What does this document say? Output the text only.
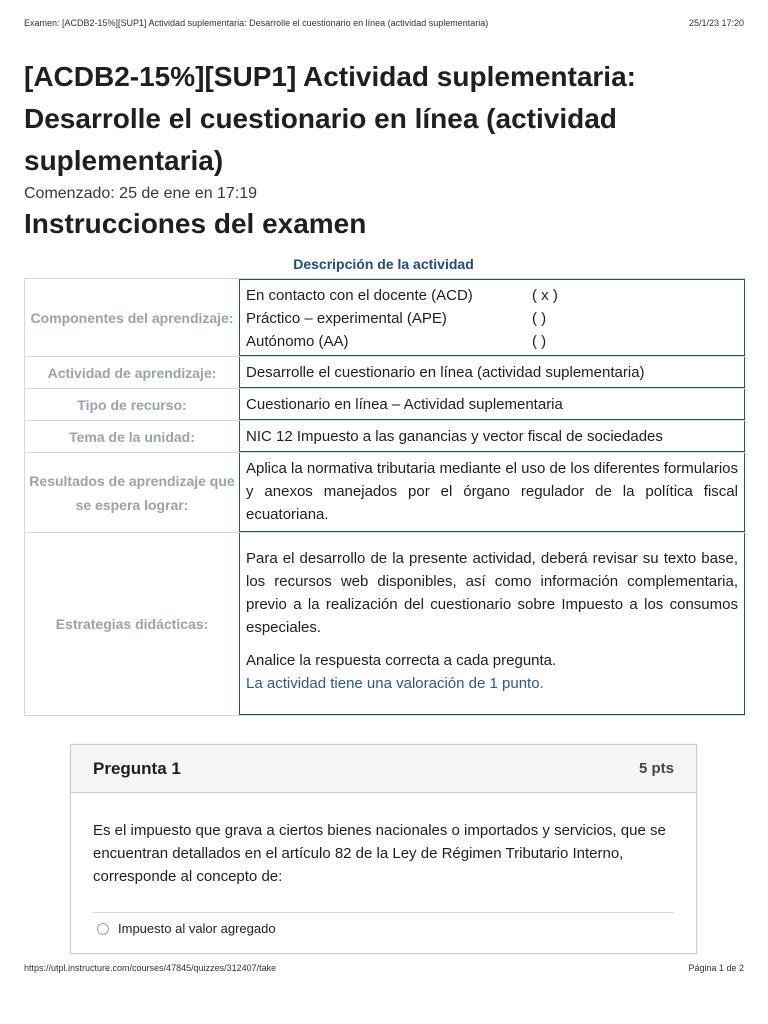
Examen: [ACDB2-15%][SUP1] Actividad suplementaria: Desarrolle el cuestionario en línea (actividad suplementaria)	25/1/23 17:20
[ACDB2-15%][SUP1] Actividad suplementaria: Desarrolle el cuestionario en línea (actividad suplementaria)
Comenzado: 25 de ene en 17:19
Instrucciones del examen
Descripción de la actividad
Componentes del aprendizaje:
En contacto con el docente (ACD)	( x )
Práctico – experimental (APE)	( )
Autónomo (AA)	( )
Actividad de aprendizaje:	Desarrolle el cuestionario en línea (actividad suplementaria)
Tipo de recurso:	Cuestionario en línea – Actividad suplementaria
Tema de la unidad:	NIC 12 Impuesto a las ganancias y vector fiscal de sociedades
Resultados de aprendizaje que se espera lograr:
Aplica la normativa tributaria mediante el uso de los diferentes formularios y anexos manejados por el órgano regulador de la política fiscal ecuatoriana.
Estrategias didácticas:

Para el desarrollo de la presente actividad, deberá revisar su texto base, los recursos web disponibles, así como información complementaria, previo a la realización del cuestionario sobre Impuesto a los consumos especiales.

Analice la respuesta correcta a cada pregunta.

La actividad tiene una valoración de 1 punto.

Pregunta 1	5 pts
Es el impuesto que grava a ciertos bienes nacionales o importados y servicios, que se encuentran detallados en el artículo 82 de la Ley de Régimen Tributario Interno, corresponde al concepto de:
Impuesto al valor agregado
https://utpl.instructure.com/courses/47845/quizzes/312407/take	Página 1 de 2
